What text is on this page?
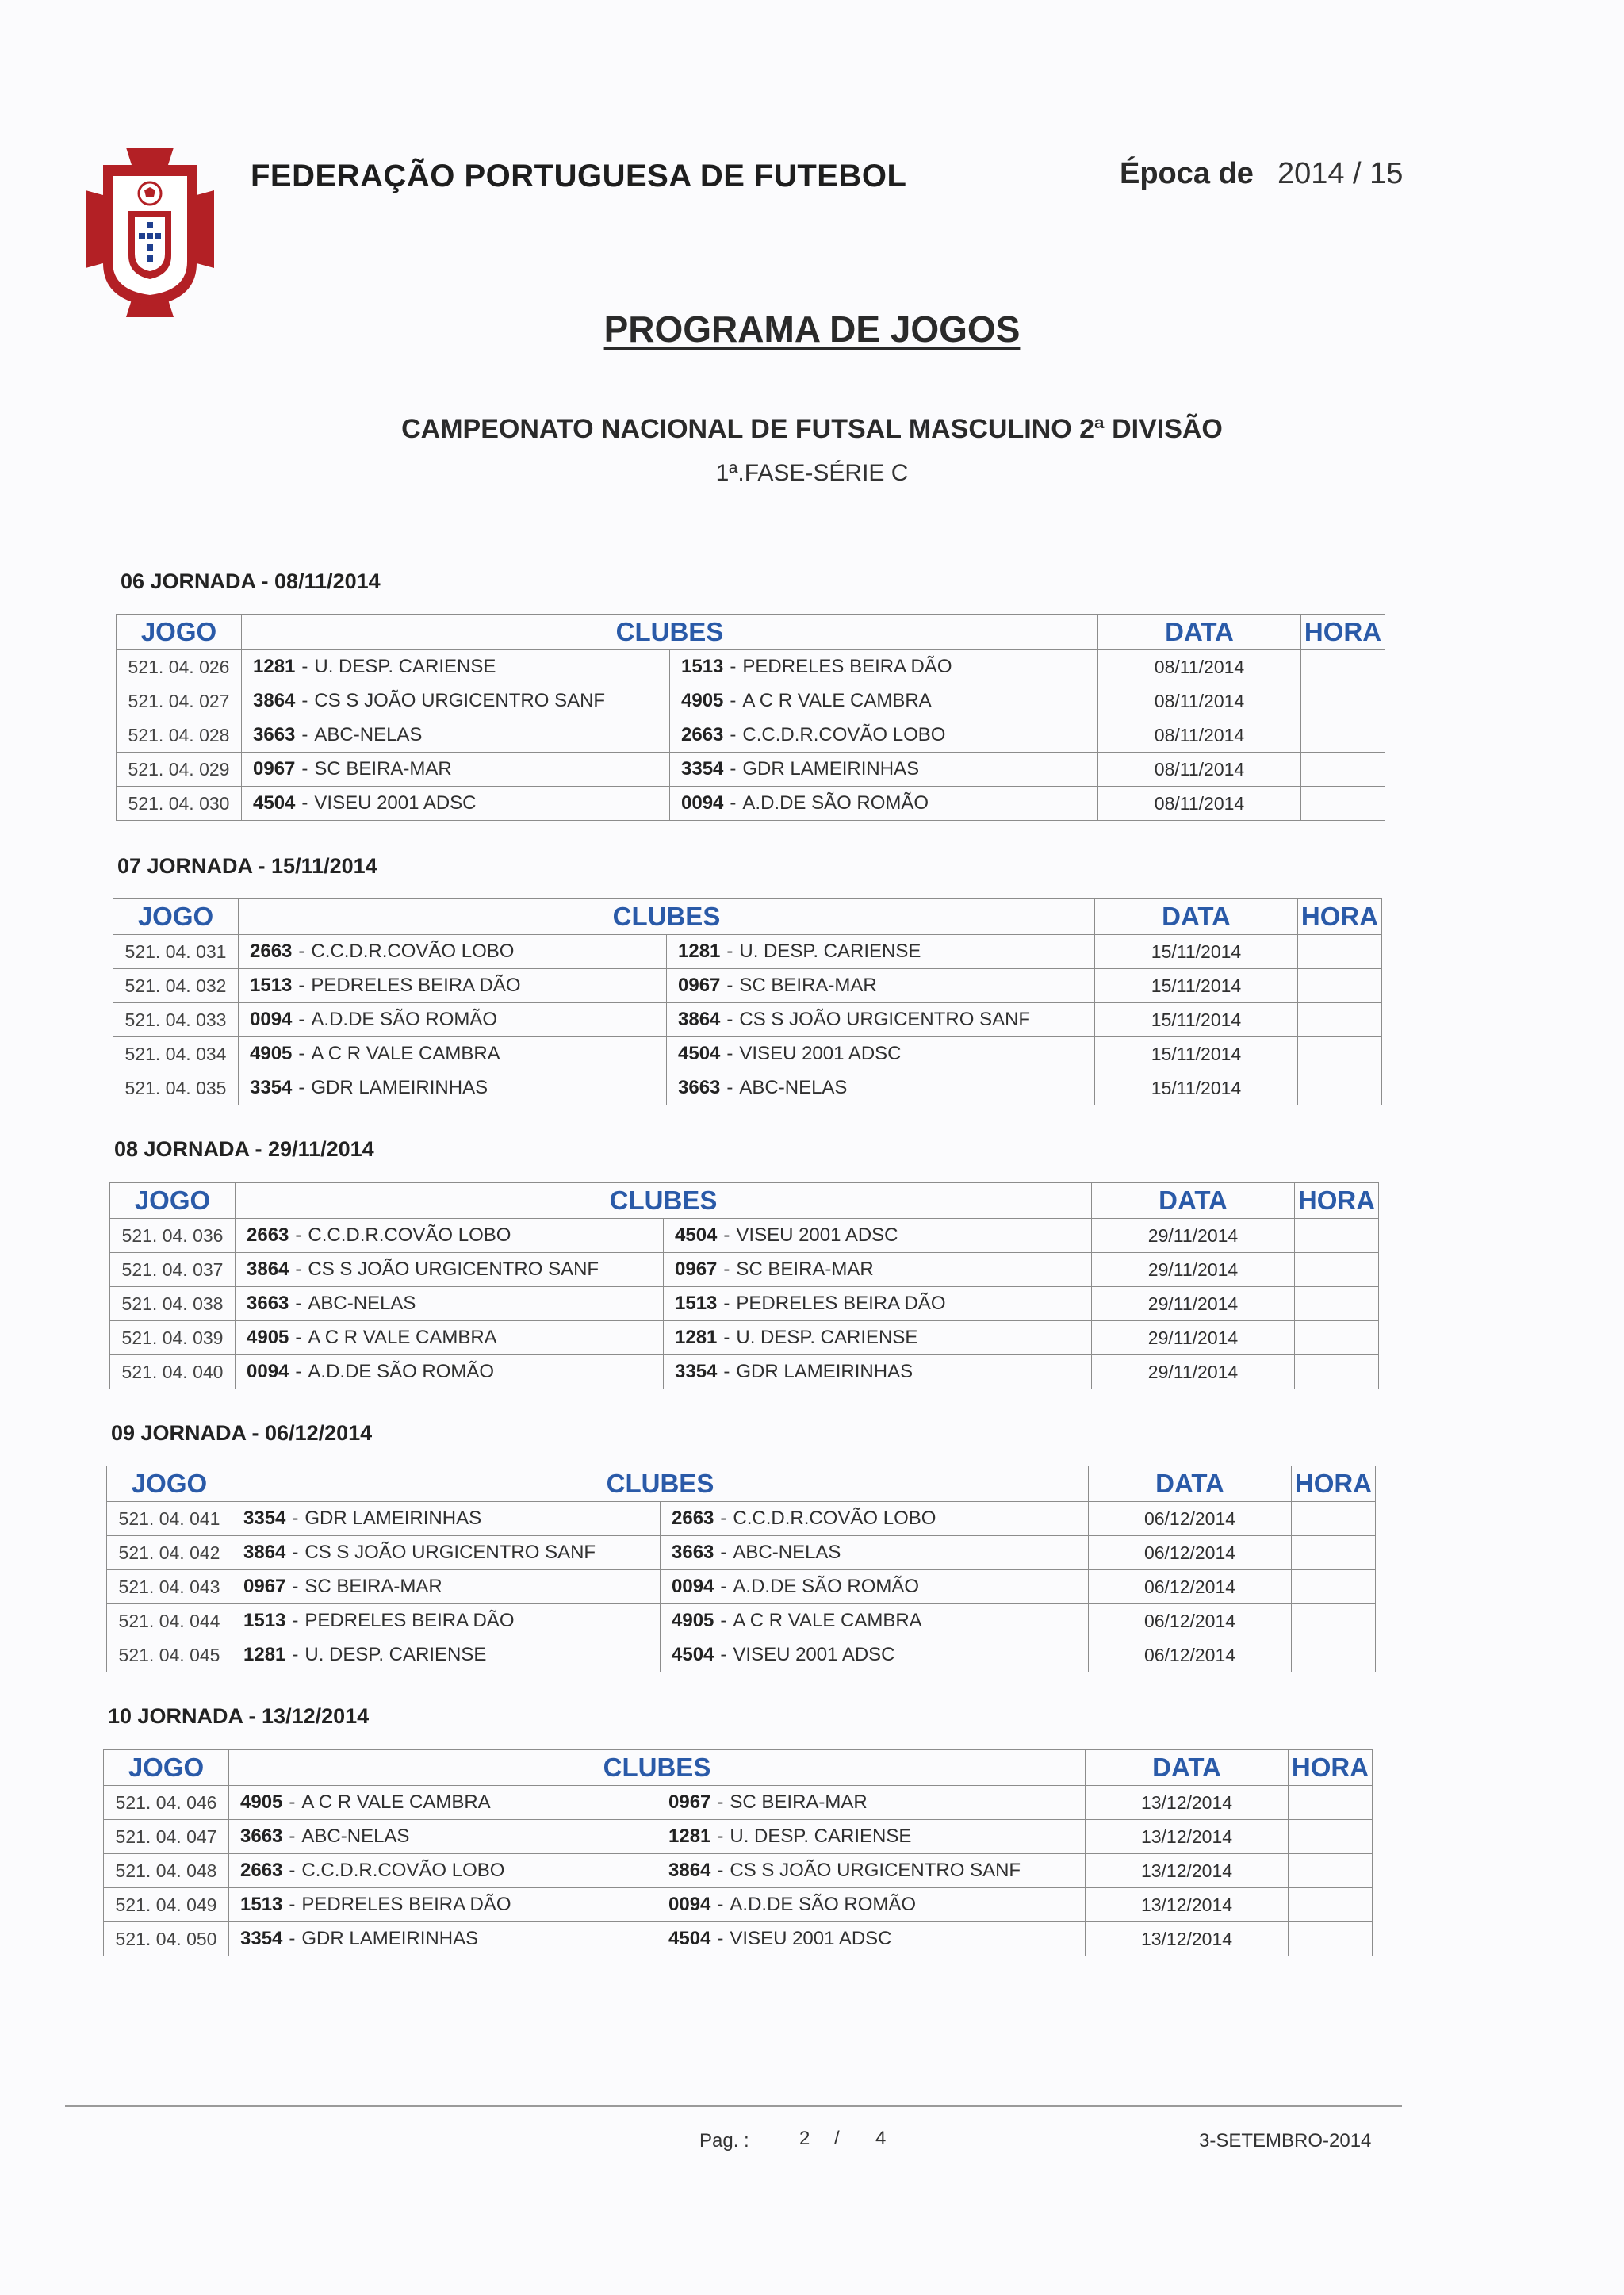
FEDERAÇÃO PORTUGUESA DE FUTEBOL	Época de 2014 / 15
PROGRAMA DE JOGOS
CAMPEONATO NACIONAL DE FUTSAL MASCULINO 2ª DIVISÃO
1ª.FASE-SÉRIE C
06 JORNADA - 08/11/2014
JOGO	CLUBES		DATA	HORA
521. 04. 026	1281 - U. DESP. CARIENSE	1513 - PEDRELES BEIRA DÃO	08/11/2014	
521. 04. 027	3864 - CS S JOÃO URGICENTRO SANF	4905 - A C R VALE CAMBRA	08/11/2014	
521. 04. 028	3663 - ABC-NELAS	2663 - C.C.D.R.COVÃO LOBO	08/11/2014	
521. 04. 029	0967 - SC BEIRA-MAR	3354 - GDR LAMEIRINHAS	08/11/2014	
521. 04. 030	4504 - VISEU 2001 ADSC	0094 - A.D.DE SÃO ROMÃO	08/11/2014	
07 JORNADA - 15/11/2014
JOGO	CLUBES		DATA	HORA
521. 04. 031	2663 - C.C.D.R.COVÃO LOBO	1281 - U. DESP. CARIENSE	15/11/2014	
521. 04. 032	1513 - PEDRELES BEIRA DÃO	0967 - SC BEIRA-MAR	15/11/2014	
521. 04. 033	0094 - A.D.DE SÃO ROMÃO	3864 - CS S JOÃO URGICENTRO SANF	15/11/2014	
521. 04. 034	4905 - A C R VALE CAMBRA	4504 - VISEU 2001 ADSC	15/11/2014	
521. 04. 035	3354 - GDR LAMEIRINHAS	3663 - ABC-NELAS	15/11/2014	
08 JORNADA - 29/11/2014
JOGO	CLUBES		DATA	HORA
521. 04. 036	2663 - C.C.D.R.COVÃO LOBO	4504 - VISEU 2001 ADSC	29/11/2014	
521. 04. 037	3864 - CS S JOÃO URGICENTRO SANF	0967 - SC BEIRA-MAR	29/11/2014	
521. 04. 038	3663 - ABC-NELAS	1513 - PEDRELES BEIRA DÃO	29/11/2014	
521. 04. 039	4905 - A C R VALE CAMBRA	1281 - U. DESP. CARIENSE	29/11/2014	
521. 04. 040	0094 - A.D.DE SÃO ROMÃO	3354 - GDR LAMEIRINHAS	29/11/2014	
09 JORNADA - 06/12/2014
JOGO	CLUBES		DATA	HORA
521. 04. 041	3354 - GDR LAMEIRINHAS	2663 - C.C.D.R.COVÃO LOBO	06/12/2014	
521. 04. 042	3864 - CS S JOÃO URGICENTRO SANF	3663 - ABC-NELAS	06/12/2014	
521. 04. 043	0967 - SC BEIRA-MAR	0094 - A.D.DE SÃO ROMÃO	06/12/2014	
521. 04. 044	1513 - PEDRELES BEIRA DÃO	4905 - A C R VALE CAMBRA	06/12/2014	
521. 04. 045	1281 - U. DESP. CARIENSE	4504 - VISEU 2001 ADSC	06/12/2014	
10 JORNADA - 13/12/2014
JOGO	CLUBES		DATA	HORA
521. 04. 046	4905 - A C R VALE CAMBRA	0967 - SC BEIRA-MAR	13/12/2014	
521. 04. 047	3663 - ABC-NELAS	1281 - U. DESP. CARIENSE	13/12/2014	
521. 04. 048	2663 - C.C.D.R.COVÃO LOBO	3864 - CS S JOÃO URGICENTRO SANF	13/12/2014	
521. 04. 049	1513 - PEDRELES BEIRA DÃO	0094 - A.D.DE SÃO ROMÃO	13/12/2014	
521. 04. 050	3354 - GDR LAMEIRINHAS	4504 - VISEU 2001 ADSC	13/12/2014	
Pag. :	2 / 4	3-SETEMBRO-2014
